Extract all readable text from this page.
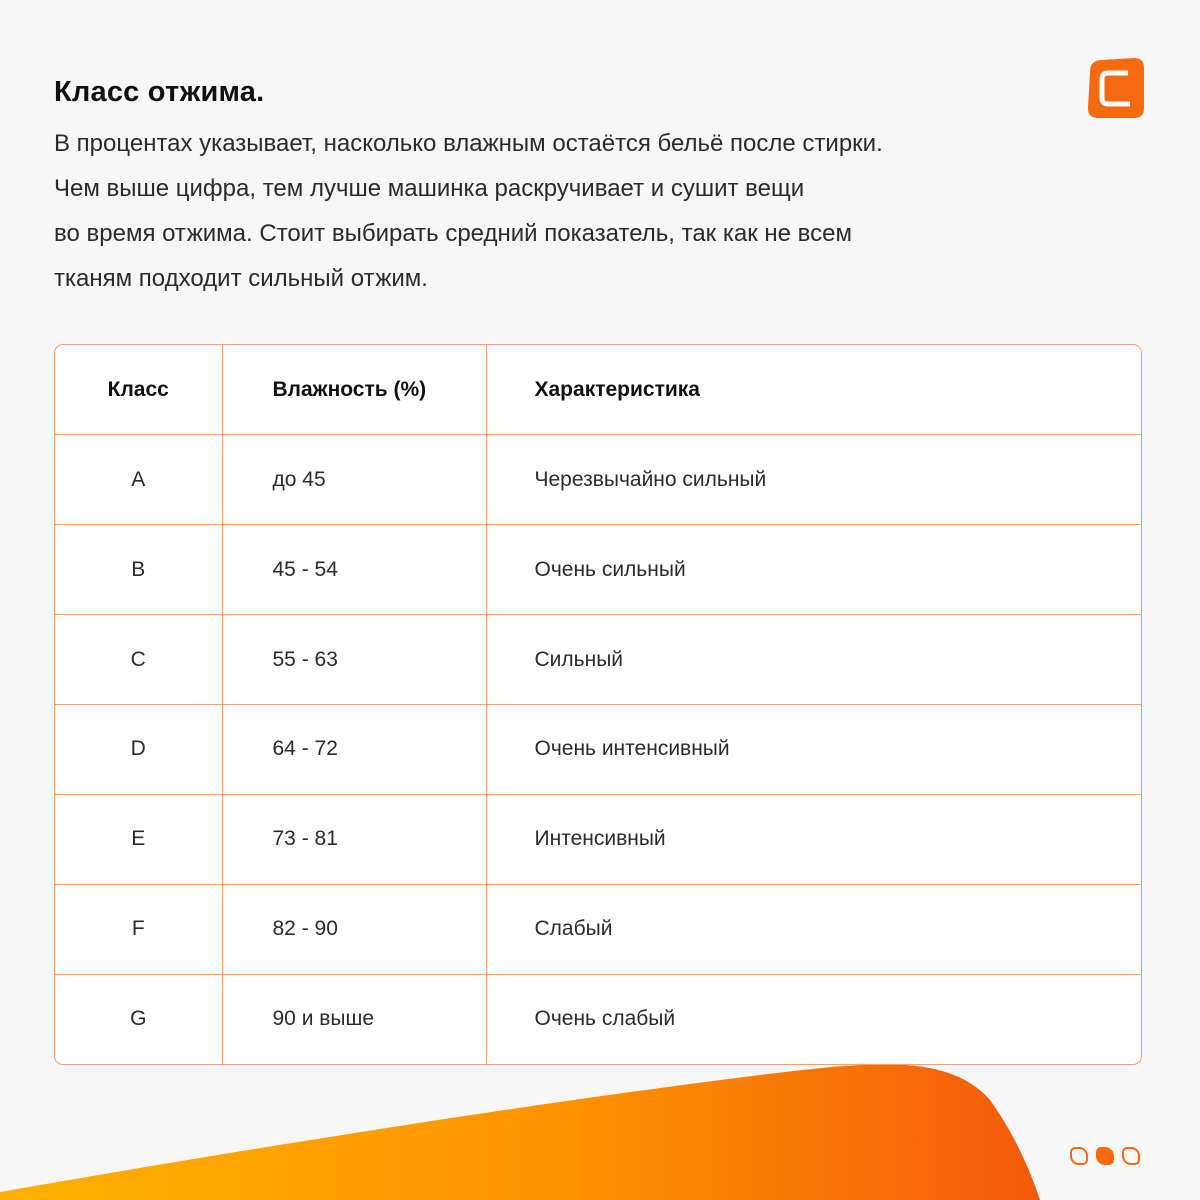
Класс отжима.
В процентах указывает, насколько влажным остаётся бельё после стирки.
Чем выше цифра, тем лучше машинка раскручивает и сушит вещи
во время отжима. Стоит выбирать средний показатель, так как не всем
тканям подходит сильный отжим.
Класс	Влажность (%)	Характеристика
A	до 45	Черезвычайно сильный
B	45 - 54	Очень сильный
C	55 - 63	Сильный
D	64 - 72	Очень интенсивный
E	73 - 81	Интенсивный
F	82 - 90	Слабый
G	90 и выше	Очень слабый
